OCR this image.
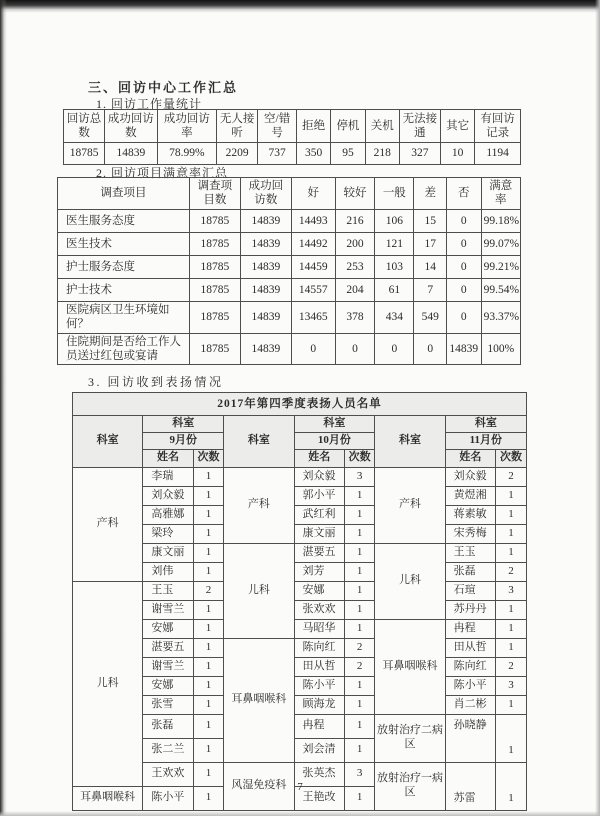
三、回访中心工作汇总
1. 回访工作量统计
回访总数	成功回访数	成功回访率	无人接听	空/错号	拒绝	停机	关机	无法接通	其它	有回访记录
18785	14839	78.99%	2209	737	350	95	218	327	10	1194
2. 回访项目满意率汇总
调查项目	调查项目数	成功回访数	好	较好	一般	差	否	满意率
医生服务态度	18785	14839	14493	216	106	15	0	99.18%
医生技术	18785	14839	14492	200	121	17	0	99.07%
护士服务态度	18785	14839	14459	253	103	14	0	99.21%
护士技术	18785	14839	14557	204	61	7	0	99.54%
医院病区卫生环境如何？	18785	14839	13465	378	434	549	0	93.37%
住院期间是否给工作人员送过红包或宴请	18785	14839	0	0	0	0	14839	100%
3. 回访收到表扬情况
2017年第四季度表扬人员名单								
科室	科室		科室	科室		科室	科室	
	9月份			10月份			11月份	
	姓名	次数		姓名	次数		姓名	次数
产科	李瑞	1	产科	刘众毅	3	产科	刘众毅	2
	刘众毅	1		郭小平	1		黄煜湘	1
	高雅娜	1		武红利	1		蒋素敏	1
	梁玲	1		康文丽	1		宋秀梅	1
	康文丽	1	儿科	湛要五	1	儿科	王玉	1
	刘伟	1		刘芳	1		张磊	2
儿科	王玉	2		安娜	1		石瑄	3
	谢雪兰	1		张欢欢	1		苏丹丹	1
	安娜	1		马昭华	1	耳鼻咽喉科	冉程	1
	湛要五	1	耳鼻咽喉科	陈向红	2		田从哲	1
	谢雪兰	1		田从哲	2		陈向红	2
	安娜	1		陈小平	1		陈小平	3
	张雪	1		顾海龙	1		肖二彬	1
	张磊	1		冉程	1	放射治疗二病区	孙晓静	1
	张二兰	1		刘会清	1			
	王欢欢	1	风湿免疫科	张英杰	3	放射治疗一病区	苏雷	1
耳鼻咽喉科	陈小平	1		王艳改	1			
7
